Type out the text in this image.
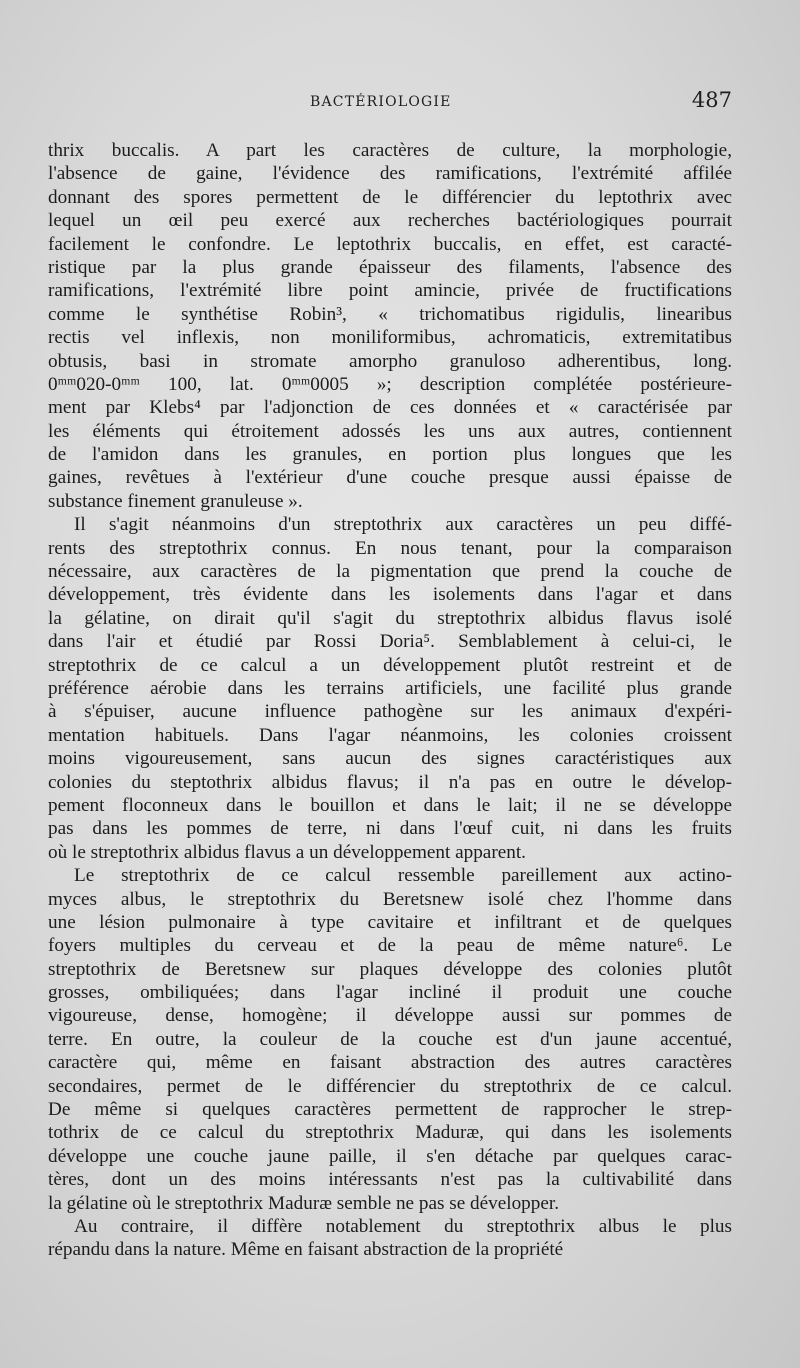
BACTÉRIOLOGIE	487
thrix buccalis. A part les caractères de culture, la morphologie,
l'absence de gaine, l'évidence des ramifications, l'extrémité affilée
donnant des spores permettent de le différencier du leptothrix avec
lequel un œil peu exercé aux recherches bactériologiques pourrait
facilement le confondre. Le leptothrix buccalis, en effet, est caracté-
ristique par la plus grande épaisseur des filaments, l'absence des
ramifications, l'extrémité libre point amincie, privée de fructifications
comme le synthétise Robin³, « trichomatibus rigidulis, linearibus
rectis vel inflexis, non moniliformibus, achromaticis, extremitatibus
obtusis, basi in stromate amorpho granuloso adherentibus, long.
0ᵐᵐ020-0ᵐᵐ 100, lat. 0ᵐᵐ0005 »; description complétée postérieure-
ment par Klebs⁴ par l'adjonction de ces données et « caractérisée par
les éléments qui étroitement adossés les uns aux autres, contiennent
de l'amidon dans les granules, en portion plus longues que les
gaines, revêtues à l'extérieur d'une couche presque aussi épaisse de
substance finement granuleuse ».
Il s'agit néanmoins d'un streptothrix aux caractères un peu diffé-
rents des streptothrix connus. En nous tenant, pour la comparaison
nécessaire, aux caractères de la pigmentation que prend la couche de
développement, très évidente dans les isolements dans l'agar et dans
la gélatine, on dirait qu'il s'agit du streptothrix albidus flavus isolé
dans l'air et étudié par Rossi Doria⁵. Semblablement à celui-ci, le
streptothrix de ce calcul a un développement plutôt restreint et de
préférence aérobie dans les terrains artificiels, une facilité plus grande
à s'épuiser, aucune influence pathogène sur les animaux d'expéri-
mentation habituels. Dans l'agar néanmoins, les colonies croissent
moins vigoureusement, sans aucun des signes caractéristiques aux
colonies du steptothrix albidus flavus; il n'a pas en outre le dévelop-
pement floconneux dans le bouillon et dans le lait; il ne se développe
pas dans les pommes de terre, ni dans l'œuf cuit, ni dans les fruits
où le streptothrix albidus flavus a un développement apparent.
Le streptothrix de ce calcul ressemble pareillement aux actino-
myces albus, le streptothrix du Beretsnew isolé chez l'homme dans
une lésion pulmonaire à type cavitaire et infiltrant et de quelques
foyers multiples du cerveau et de la peau de même nature⁶. Le
streptothrix de Beretsnew sur plaques développe des colonies plutôt
grosses, ombiliquées; dans l'agar incliné il produit une couche
vigoureuse, dense, homogène; il développe aussi sur pommes de
terre. En outre, la couleur de la couche est d'un jaune accentué,
caractère qui, même en faisant abstraction des autres caractères
secondaires, permet de le différencier du streptothrix de ce calcul.
De même si quelques caractères permettent de rapprocher le strep-
tothrix de ce calcul du streptothrix Maduræ, qui dans les isolements
développe une couche jaune paille, il s'en détache par quelques carac-
tères, dont un des moins intéressants n'est pas la cultivabilité dans
la gélatine où le streptothrix Maduræ semble ne pas se développer.
Au contraire, il diffère notablement du streptothrix albus le plus
répandu dans la nature. Même en faisant abstraction de la propriété
